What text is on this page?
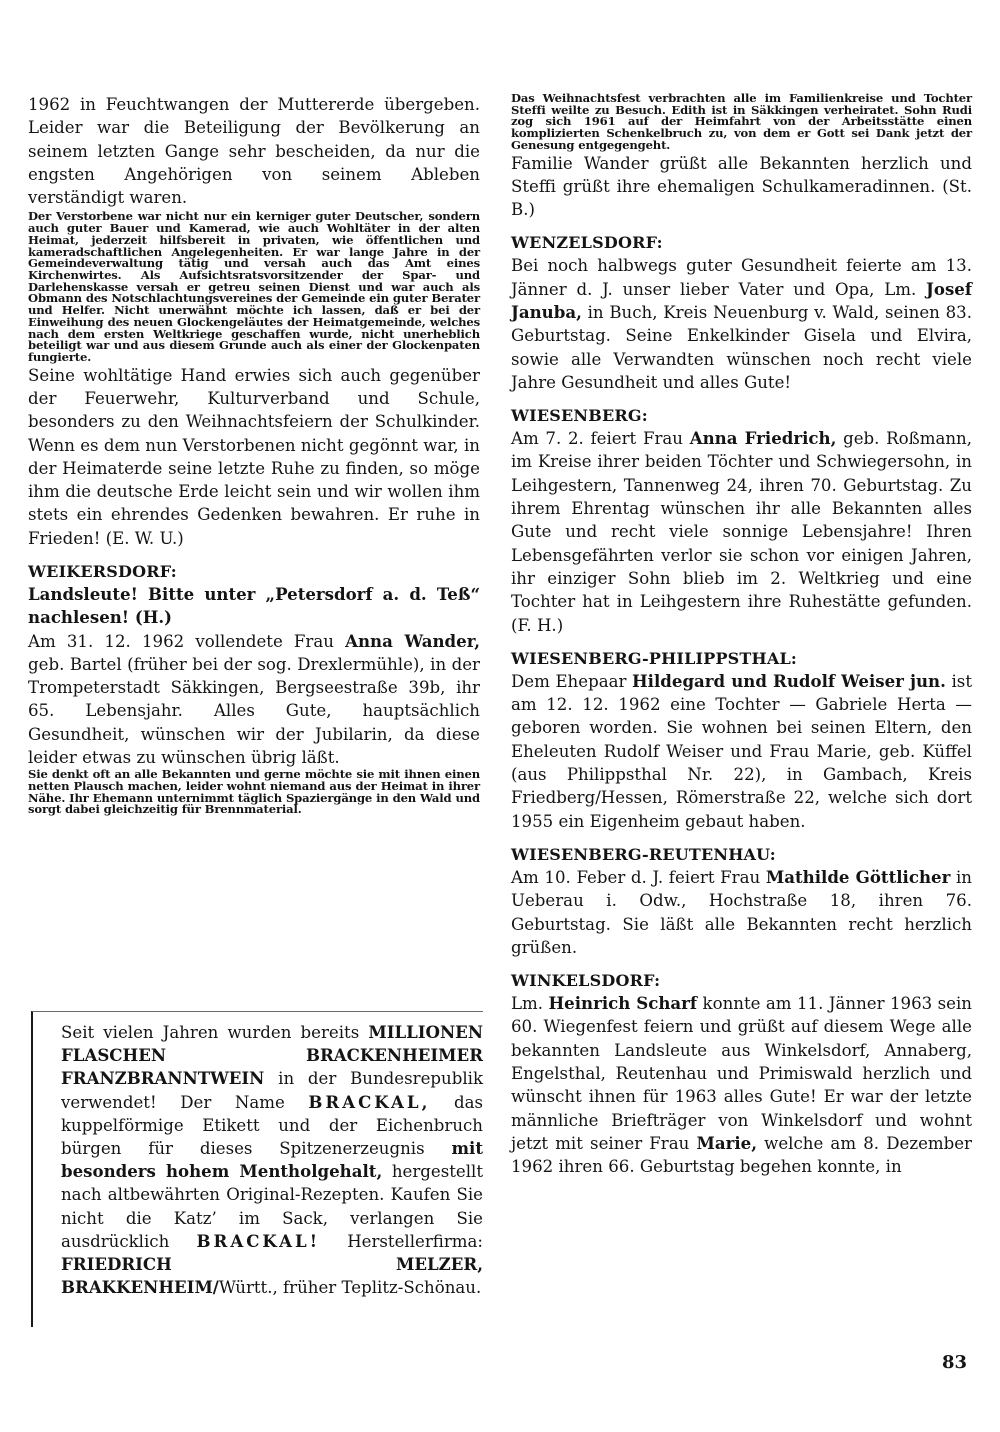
1962 in Feuchtwangen der Muttererde übergeben. Leider war die Beteiligung der Bevölkerung an seinem letzten Gange sehr bescheiden, da nur die engsten Angehörigen von seinem Ableben verständigt waren.

Der Verstorbene war nicht nur ein kerniger guter Deutscher, sondern auch guter Bauer und Kamerad, wie auch Wohltäter in der alten Heimat, jederzeit hilfsbereit in privaten, wie öffentlichen und kameradschaftlichen Angelegenheiten. Er war lange Jahre in der Gemeindeverwaltung tätig und versah auch das Amt eines Kirchenwirtes. Als Aufsichtsratsvorsitzender der Spar- und Darlehenskasse versah er getreu seinen Dienst und war auch als Obmann des Notschlachtungsvereines der Gemeinde ein guter Berater und Helfer. Nicht unerwähnt möchte ich lassen, daß er bei der Einweihung des neuen Glockengeläutes der Heimatgemeinde, welches nach dem ersten Weltkriege geschaffen wurde, nicht unerheblich beteiligt war und aus diesem Grunde auch als einer der Glockenpaten fungierte.

Seine wohltätige Hand erwies sich auch gegenüber der Feuerwehr, Kulturverband und Schule, besonders zu den Weihnachtsfeiern der Schulkinder. Wenn es dem nun Verstorbenen nicht gegönnt war, in der Heimaterde seine letzte Ruhe zu finden, so möge ihm die deutsche Erde leicht sein und wir wollen ihm stets ein ehrendes Gedenken bewahren. Er ruhe in Frieden! (E. W. U.)

WEIKERSDORF:

Landsleute! Bitte unter „Petersdorf a. d. Teß“ nachlesen! (H.)

Am 31. 12. 1962 vollendete Frau Anna Wander, geb. Bartel (früher bei der sog. Drexlermühle), in der Trompeterstadt Säkkingen, Bergseestraße 39b, ihr 65. Lebensjahr. Alles Gute, hauptsächlich Gesundheit, wünschen wir der Jubilarin, da diese leider etwas zu wünschen übrig läßt.

Sie denkt oft an alle Bekannten und gerne möchte sie mit ihnen einen netten Plausch machen, leider wohnt niemand aus der Heimat in ihrer Nähe. Ihr Ehemann unternimmt täglich Spaziergänge in den Wald und sorgt dabei gleichzeitig für Brennmaterial.

Seit vielen Jahren wurden bereits MILLIONEN FLASCHEN BRACKENHEIMER FRANZBRANNTWEIN in der Bundesrepublik verwendet! Der Name BRACKAL, das kuppelförmige Etikett und der Eichenbruch bürgen für dieses Spitzenerzeugnis mit besonders hohem Mentholgehalt, hergestellt nach altbewährten Original-Rezepten. Kaufen Sie nicht die Katz’ im Sack, verlangen Sie ausdrücklich BRACKAL! Herstellerfirma: FRIEDRICH MELZER, BRAKKENHEIM/Württ., früher Teplitz-Schönau.

Das Weihnachtsfest verbrachten alle im Familienkreise und Tochter Steffi weilte zu Besuch. Edith ist in Säkkingen verheiratet. Sohn Rudi zog sich 1961 auf der Heimfahrt von der Arbeitsstätte einen komplizierten Schenkelbruch zu, von dem er Gott sei Dank jetzt der Genesung entgegengeht.

Familie Wander grüßt alle Bekannten herzlich und Steffi grüßt ihre ehemaligen Schulkameradinnen. (St. B.)

WENZELSDORF:

Bei noch halbwegs guter Gesundheit feierte am 13. Jänner d. J. unser lieber Vater und Opa, Lm. Josef Januba, in Buch, Kreis Neuenburg v. Wald, seinen 83. Geburtstag. Seine Enkelkinder Gisela und Elvira, sowie alle Verwandten wünschen noch recht viele Jahre Gesundheit und alles Gute!

WIESENBERG:

Am 7. 2. feiert Frau Anna Friedrich, geb. Roßmann, im Kreise ihrer beiden Töchter und Schwiegersohn, in Leihgestern, Tannenweg 24, ihren 70. Geburtstag. Zu ihrem Ehrentag wünschen ihr alle Bekannten alles Gute und recht viele sonnige Lebensjahre! Ihren Lebensgefährten verlor sie schon vor einigen Jahren, ihr einziger Sohn blieb im 2. Weltkrieg und eine Tochter hat in Leihgestern ihre Ruhestätte gefunden. (F. H.)

WIESENBERG-PHILIPPSTHAL:

Dem Ehepaar Hildegard und Rudolf Weiser jun. ist am 12. 12. 1962 eine Tochter — Gabriele Herta — geboren worden. Sie wohnen bei seinen Eltern, den Eheleuten Rudolf Weiser und Frau Marie, geb. Küffel (aus Philippsthal Nr. 22), in Gambach, Kreis Friedberg/Hessen, Römerstraße 22, welche sich dort 1955 ein Eigenheim gebaut haben.

WIESENBERG-REUTENHAU:

Am 10. Feber d. J. feiert Frau Mathilde Göttlicher in Ueberau i. Odw., Hochstraße 18, ihren 76. Geburtstag. Sie läßt alle Bekannten recht herzlich grüßen.

WINKELSDORF:

Lm. Heinrich Scharf konnte am 11. Jänner 1963 sein 60. Wiegenfest feiern und grüßt auf diesem Wege alle bekannten Landsleute aus Winkelsdorf, Annaberg, Engelsthal, Reutenhau und Primiswald herzlich und wünscht ihnen für 1963 alles Gute! Er war der letzte männliche Briefträger von Winkelsdorf und wohnt jetzt mit seiner Frau Marie, welche am 8. Dezember 1962 ihren 66. Geburtstag begehen konnte, in

83
